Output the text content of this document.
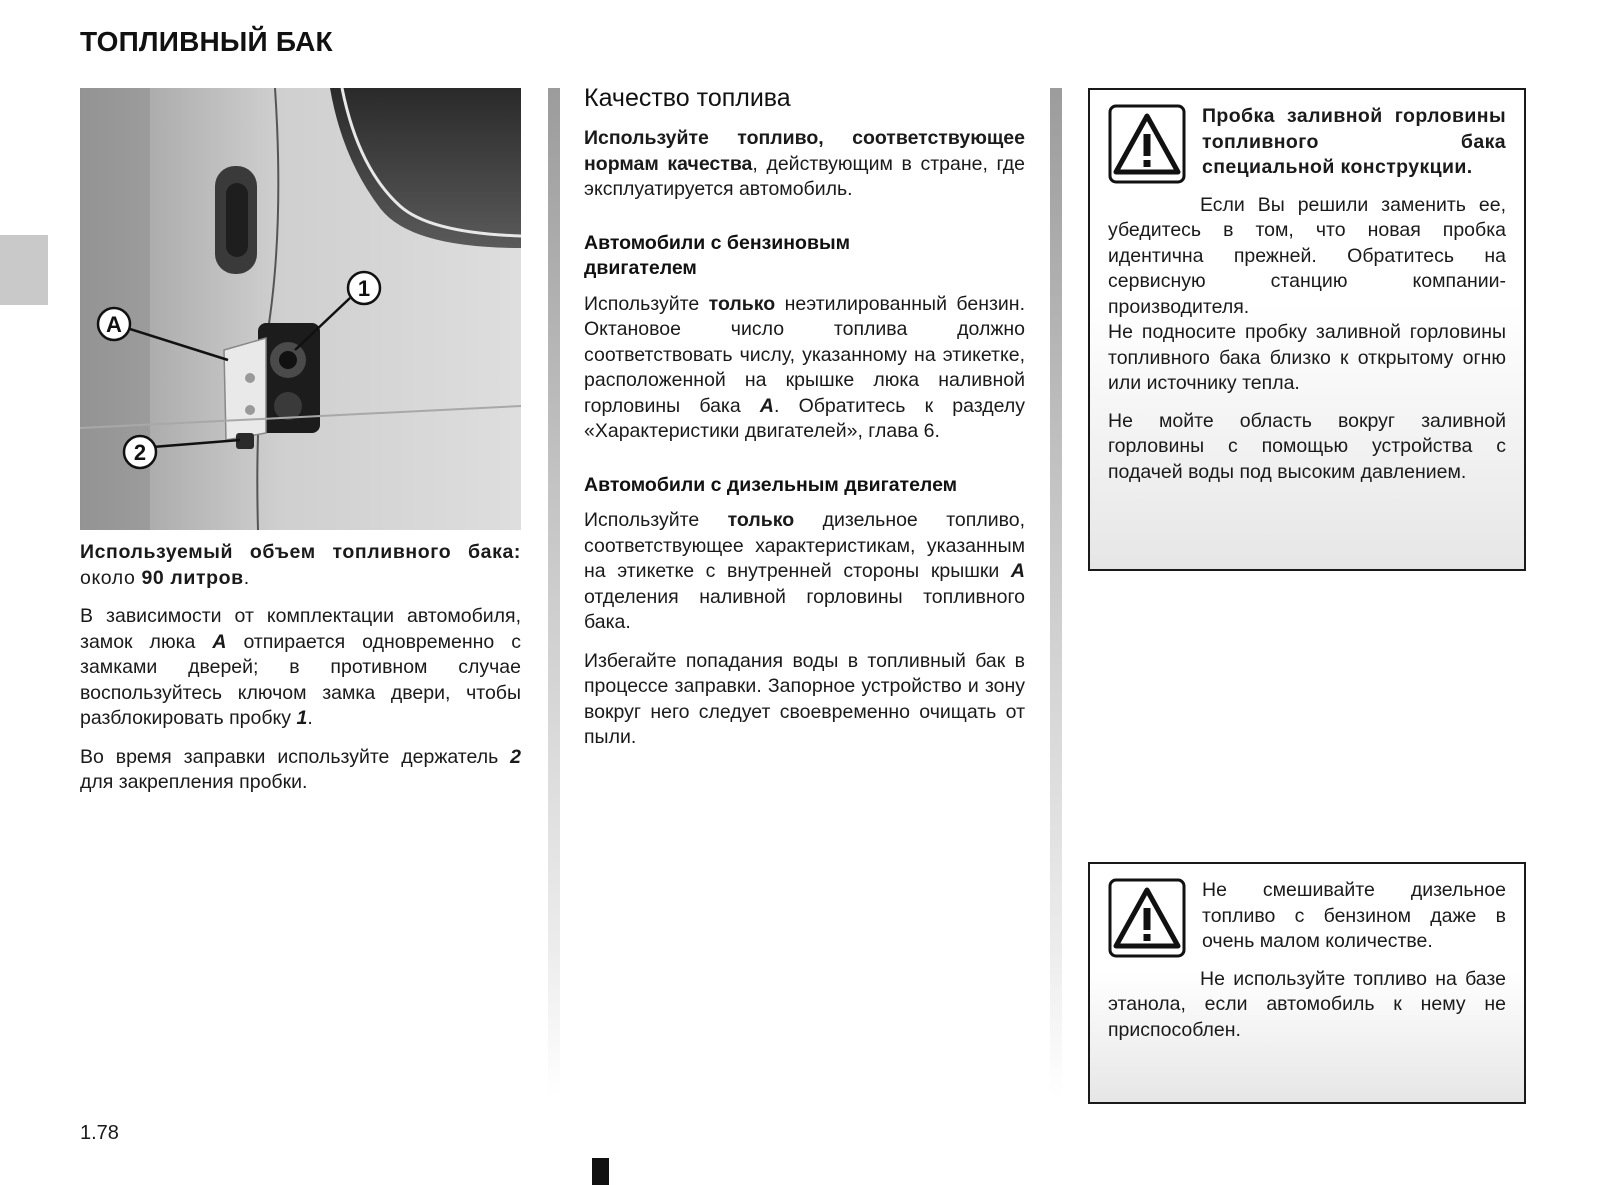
ТОПЛИВНЫЙ БАК
A
1
2

Используемый объем топливного бака: около 90 литров.

В зависимости от комплектации автомобиля, замок люка A отпирается одновременно с замками дверей; в противном случае воспользуйтесь ключом замка двери, чтобы разблокировать пробку 1.

Во время заправки используйте держатель 2 для закрепления пробки.

Качество топлива

Используйте топливо, соответствующее нормам качества, действующим в стране, где эксплуатируется автомобиль.

Автомобили с бензиновым двигателем

Используйте только неэтилированный бензин. Октановое число топлива должно соответствовать числу, указанному на этикетке, расположенной на крышке люка наливной горловины бака A. Обратитесь к разделу «Характеристики двигателей», глава 6.

Автомобили с дизельным двигателем

Используйте только дизельное топливо, соответствующее характеристикам, указанным на этикетке с внутренней стороны крышки A отделения наливной горловины топливного бака.

Избегайте попадания воды в топливный бак в процессе заправки. Запорное устройство и зону вокруг него следует своевременно очищать от пыли.

Пробка заливной горловины топливного бака специальной конструкции.

Если Вы решили заменить ее, убедитесь в том, что новая пробка идентична прежней. Обратитесь на сервисную станцию компании-производителя.

Не подносите пробку заливной горловины топливного бака близко к открытому огню или источнику тепла.

Не мойте область вокруг заливной горловины с помощью устройства с подачей воды под высоким давлением.

Не смешивайте дизельное топливо с бензином даже в очень малом количестве.

Не используйте топливо на базе этанола, если автомобиль к нему не приспособлен.

1.78
